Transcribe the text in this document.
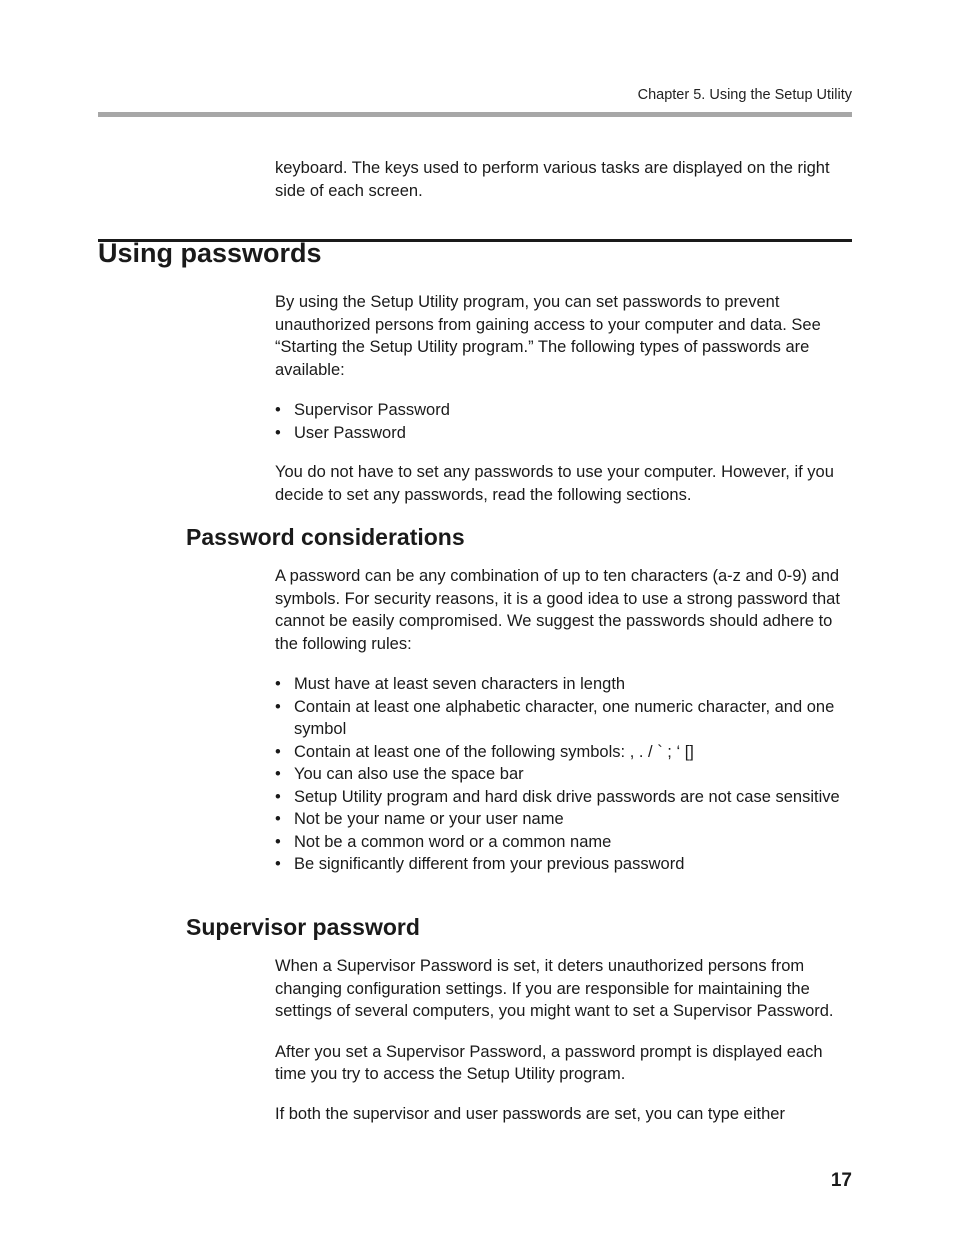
Chapter 5. Using the Setup Utility

keyboard. The keys used to perform various tasks are displayed on the right side of each screen.

Using passwords

By using the Setup Utility program, you can set passwords to prevent unauthorized persons from gaining access to your computer and data. See “Starting the Setup Utility program.” The following types of passwords are available:

• Supervisor Password
• User Password

You do not have to set any passwords to use your computer. However, if you decide to set any passwords, read the following sections.

Password considerations

A password can be any combination of up to ten characters (a-z and 0-9) and symbols. For security reasons, it is a good idea to use a strong password that cannot be easily compromised. We suggest the passwords should adhere to the following rules:

• Must have at least seven characters in length
• Contain at least one alphabetic character, one numeric character, and one symbol
• Contain at least one of the following symbols: , . / ` ; ‘ []
• You can also use the space bar
• Setup Utility program and hard disk drive passwords are not case sensitive
• Not be your name or your user name
• Not be a common word or a common name
• Be significantly different from your previous password
Supervisor password

When a Supervisor Password is set, it deters unauthorized persons from changing configuration settings. If you are responsible for maintaining the settings of several computers, you might want to set a Supervisor Password.

After you set a Supervisor Password, a password prompt is displayed each time you try to access the Setup Utility program.

If both the supervisor and user passwords are set, you can type either

17
